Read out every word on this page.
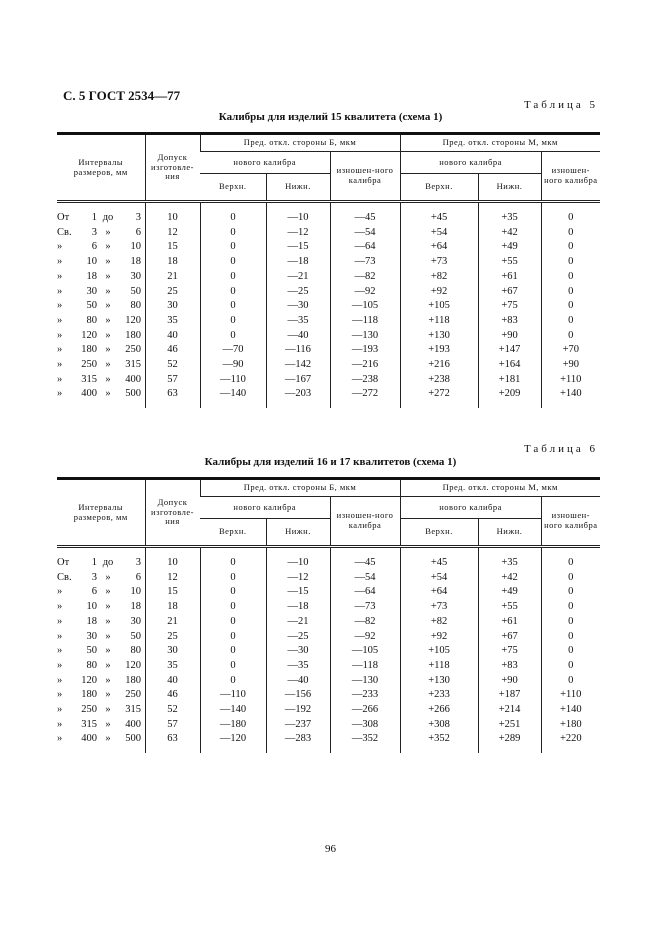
С. 5 ГОСТ 2534—77
Таблица 5
Калибры для изделий 15 квалитета (схема 1)
Интервалы размеров, мм	Допуск изготовле-ния	Пред. откл. стороны Б, мкм			Пред. откл. стороны М, мкм		
		нового калибра		изношен-ного калибра	нового калибра		изношен-ного калибра
		Верхн.	Нижн.		Верхн.	Нижн.	

От 1 до 3	10	0	—10	—45	+45	+35	0

Св. 3 » 6	12	0	—12	—54	+54	+42	0

» 6 » 10	15	0	—15	—64	+64	+49	0

» 10 » 18	18	0	—18	—73	+73	+55	0

» 18 » 30	21	0	—21	—82	+82	+61	0

» 30 » 50	25	0	—25	—92	+92	+67	0

» 50 » 80	30	0	—30	—105	+105	+75	0

» 80 » 120	35	0	—35	—118	+118	+83	0

» 120 » 180	40	0	—40	—130	+130	+90	0

» 180 » 250	46	—70	—116	—193	+193	+147	+70

» 250 » 315	52	—90	—142	—216	+216	+164	+90

» 315 » 400	57	—110	—167	—238	+238	+181	+110

» 400 » 500	63	—140	—203	—272	+272	+209	+140
Таблица 6
Калибры для изделий 16 и 17 квалитетов (схема 1)
Интервалы размеров, мм	Допуск изготовле-ния	Пред. откл. стороны Б, мкм			Пред. откл. стороны М, мкм		
		нового калибра		изношен-ного калибра	нового калибра		изношен-ного калибра
		Верхн.	Нижн.		Верхн.	Нижн.	

От 1 до 3	10	0	—10	—45	+45	+35	0

Св. 3 » 6	12	0	—12	—54	+54	+42	0

» 6 » 10	15	0	—15	—64	+64	+49	0

» 10 » 18	18	0	—18	—73	+73	+55	0

» 18 » 30	21	0	—21	—82	+82	+61	0

» 30 » 50	25	0	—25	—92	+92	+67	0

» 50 » 80	30	0	—30	—105	+105	+75	0

» 80 » 120	35	0	—35	—118	+118	+83	0

» 120 » 180	40	0	—40	—130	+130	+90	0

» 180 » 250	46	—110	—156	—233	+233	+187	+110

» 250 » 315	52	—140	—192	—266	+266	+214	+140

» 315 » 400	57	—180	—237	—308	+308	+251	+180

» 400 » 500	63	—120	—283	—352	+352	+289	+220
96
